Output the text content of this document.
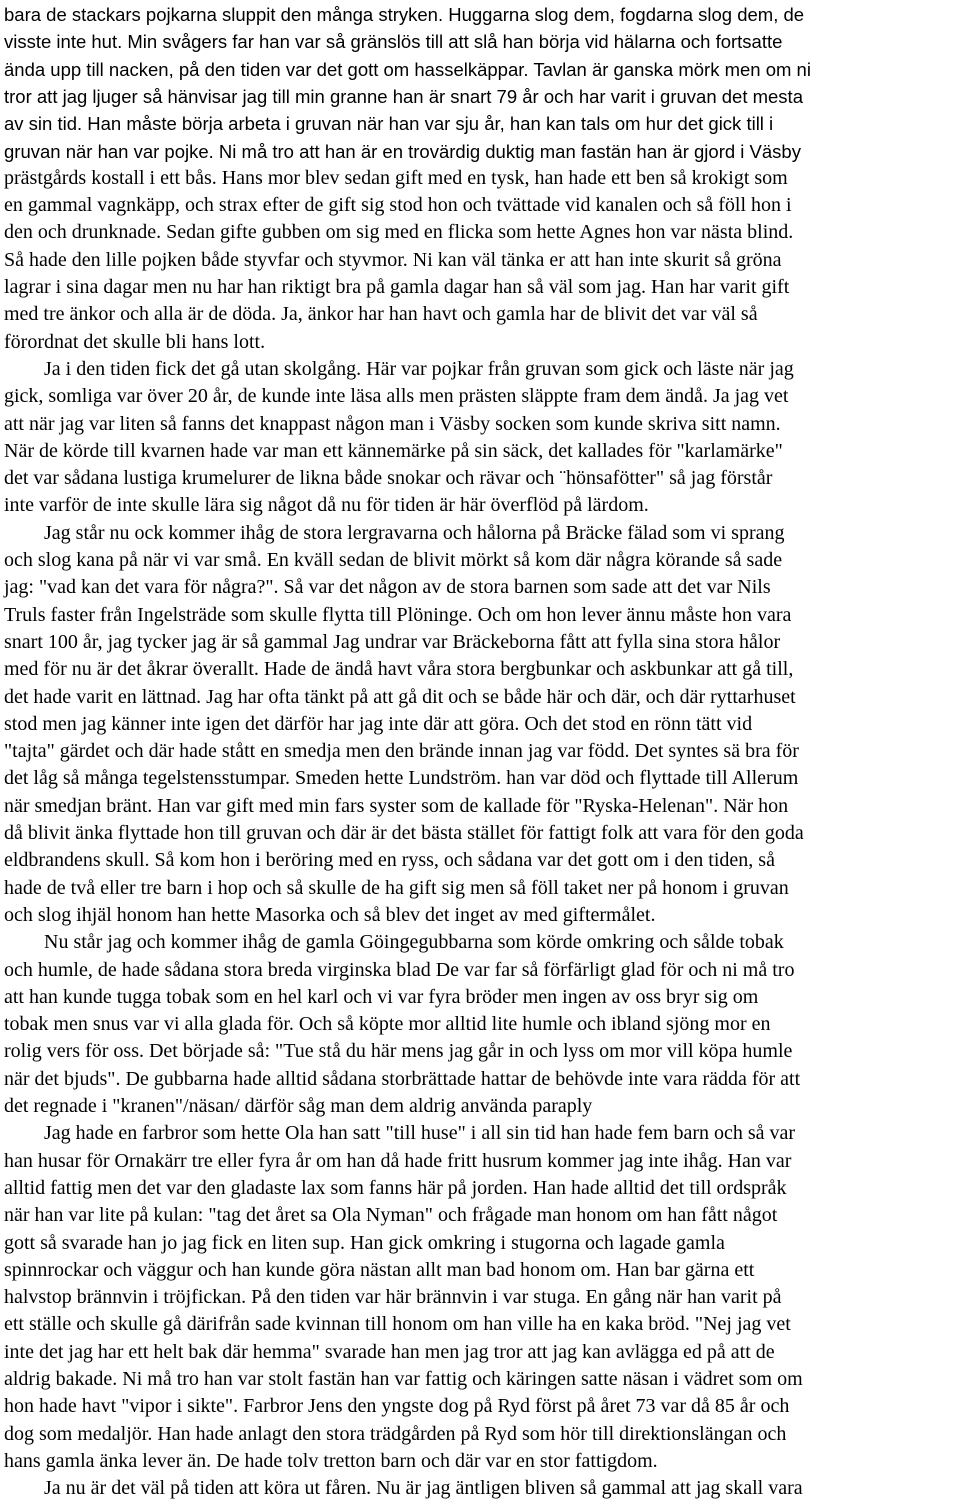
bara de stackars pojkarna sluppit den många stryken. Huggarna slog dem, fogdarna slog dem, de
visste inte hut. Min svågers far han var så gränslös till att slå han börja vid hälarna och fortsatte
ända upp till nacken, på den tiden var det gott om hasselkäppar. Tavlan är ganska mörk men om ni
tror att jag ljuger så hänvisar jag till min granne han är snart 79 år och har varit i gruvan det mesta
av sin tid. Han måste börja arbeta i gruvan när han var sju år, han kan tals om hur det gick till i
gruvan när han var pojke. Ni må tro att han är en trovärdig duktig man fastän han är gjord i Väsby
prästgårds kostall i ett bås. Hans mor blev sedan gift med en tysk, han hade ett ben så krokigt som
en gammal vagnkäpp, och strax efter de gift sig stod hon och tvättade vid kanalen och så föll hon i
den och drunknade. Sedan gifte gubben om sig med en flicka som hette Agnes hon var nästa blind.
Så hade den lille pojken både styvfar och styvmor. Ni kan väl tänka er att han inte skurit så gröna
lagrar i sina dagar men nu har han riktigt bra på gamla dagar han så väl som jag. Han har varit gift
med tre änkor och alla är de döda. Ja, änkor har han havt och gamla har de blivit det var väl så
förordnat det skulle bli hans lott.
Ja i den tiden fick det gå utan skolgång. Här var pojkar från gruvan som gick och läste när jag
gick, somliga var över 20 år, de kunde inte läsa alls men prästen släppte fram dem ändå. Ja jag vet
att när jag var liten så fanns det knappast någon man i Väsby socken som kunde skriva sitt namn.
När de körde till kvarnen hade var man ett kännemärke på sin säck, det kallades för "karlamärke"
det var sådana lustiga krumelurer de likna både snokar och rävar och ¨hönsafötter" så jag förstår
inte varför de inte skulle lära sig något då nu för tiden är här överflöd på lärdom.
Jag står nu ock kommer ihåg de stora lergravarna och hålorna på Bräcke fälad som vi sprang
och slog kana på när vi var små. En kväll sedan de blivit mörkt så kom där några körande så sade
jag: "vad kan det vara för några?". Så var det någon av de stora barnen som sade att det var Nils
Truls faster från Ingelsträde som skulle flytta till Plöninge. Och om hon lever ännu måste hon vara
snart 100 år, jag tycker jag är så gammal Jag undrar var Bräckeborna fått att fylla sina stora hålor
med för nu är det åkrar överallt. Hade de ändå havt våra stora bergbunkar och askbunkar att gå till,
det hade varit en lättnad. Jag har ofta tänkt på att gå dit och se både här och där, och där ryttarhuset
stod men jag känner inte igen det därför har jag inte där att göra. Och det stod en rönn tätt vid
"tajta" gärdet och där hade stått en smedja men den brände innan jag var född. Det syntes sä bra för
det låg så många tegelstensstumpar. Smeden hette Lundström. han var död och flyttade till Allerum
när smedjan bränt. Han var gift med min fars syster som de kallade för "Ryska-Helenan". När hon
då blivit änka flyttade hon till gruvan och där är det bästa stället för fattigt folk att vara för den goda
eldbrandens skull. Så kom hon i beröring med en ryss, och sådana var det gott om i den tiden, så
hade de två eller tre barn i hop och så skulle de ha gift sig men så föll taket ner på honom i gruvan
och slog ihjäl honom han hette Masorka och så blev det inget av med giftermålet.
Nu står jag och kommer ihåg de gamla Göingegubbarna som körde omkring och sålde tobak
och humle, de hade sådana stora breda virginska blad De var far så förfärligt glad för och ni må tro
att han kunde tugga tobak som en hel karl och vi var fyra bröder men ingen av oss bryr sig om
tobak men snus var vi alla glada för. Och så köpte mor alltid lite humle och ibland sjöng mor en
rolig vers för oss. Det började så: "Tue stå du här mens jag går in och lyss om mor vill köpa humle
när det bjuds". De gubbarna hade alltid sådana storbrättade hattar de behövde inte vara rädda för att
det regnade i "kranen"/näsan/ därför såg man dem aldrig använda paraply
Jag hade en farbror som hette Ola han satt "till huse" i all sin tid han hade fem barn och så var
han husar för Ornakärr tre eller fyra år om han då hade fritt husrum kommer jag inte ihåg. Han var
alltid fattig men det var den gladaste lax som fanns här på jorden. Han hade alltid det till ordspråk
när han var lite på kulan: "tag det året sa Ola Nyman" och frågade man honom om han fått något
gott så svarade han jo jag fick en liten sup. Han gick omkring i stugorna och lagade gamla
spinnrockar och väggur och han kunde göra nästan allt man bad honom om. Han bar gärna ett
halvstop brännvin i tröjfickan. På den tiden var här brännvin i var stuga. En gång när han varit på
ett ställe och skulle gå därifrån sade kvinnan till honom om han ville ha en kaka bröd. "Nej jag vet
inte det jag har ett helt bak där hemma" svarade han men jag tror att jag kan avlägga ed på att de
aldrig bakade. Ni må tro han var stolt fastän han var fattig och käringen satte näsan i vädret som om
hon hade havt "vipor i sikte". Farbror Jens den yngste dog på Ryd först på året 73 var då 85 år och
dog som medaljör. Han hade anlagt den stora trädgården på Ryd som hör till direktionslängan och
hans gamla änka lever än. De hade tolv tretton barn och där var en stor fattigdom.
Ja nu är det väl på tiden att köra ut fåren. Nu är jag äntligen bliven så gammal att jag skall vara
